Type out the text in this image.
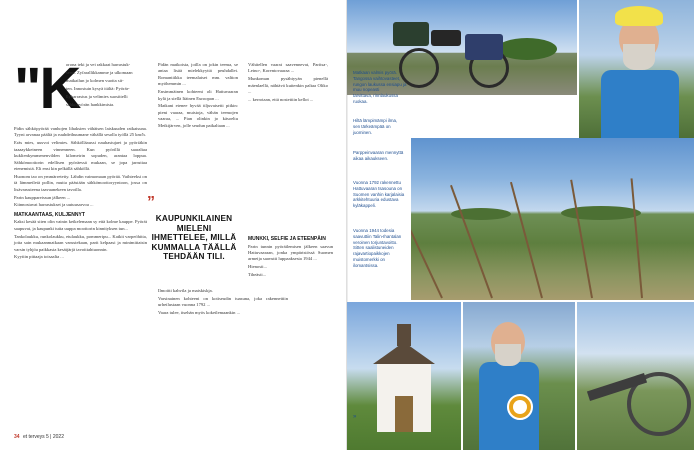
"K

orona teki ja vei rakkaat harrastuk-

semi. Zyfarallikkamme ja ulkomaan

matkailun jo kolmen vuotta sit-

ten. Innostuin kysyä itältä: Pyörär-

llyharrastus ja velimies suosittelli

sähköpyörän hankkimista.

Pidin sähköpyörää vanhojen lihaksien vähäisen laiskuuden ratkaisuna. Tyyni arvanaa pääliä ja ruuhdeihuumane vähällä sesolla työllä 25 km/h.

Eräs mies, uusvoi velimies. Sähkölläaussi nauhastujaet ja pyöriäkin taaaaykkeineen vinnenneen. Kun pyörillä saaraltaa kuklienkymmenenvilden kilometrin sopuden, arantaa loppua. Sähkömoottorin edellisen pyöräessä mukaan, se jopa jarruttaa etenemistä. Eli ensi kin pelkällä sähköllä.

Huonom tao on ymmärretetty. Lähdin vaimomaan pyörää. Vaihteeksi on tä lämmeiletä pollin, mutta päästään sähkömoottoryyntoon, jossa on lisävarusteena taavaanekeen tavoilla.

Parin kauppareissun jälkeen ...

Kiinnostavat harrastukset ja uutuusarvoa ...

MATKAANTAAS, KULJENNYT

Kaksi kesää siten olin vainin keikelemaan sy että kolme kauppe. Pyörät saapuvat, ja kaupunki tutta uuppa moottorin kinnityksen tun...

Tankolaukku, runkolaukku, etulaukku, pommeripu... Katkit varpeöhitta, jotta sain mukaanmatkaan varustekaan, parit kelpaasi ja minimittaisin varsin tyhjöa paikkasta kesätjärjä tavoittahtuonnin.

Kyytiin pittaaja toisaalta ...

Pidän matkoista, joilla on jokin teema, se antaa lisää mielekkyyttä peuhdallet. Romantiikka teemalaiset mm. valtion myöhemmin ...

Ensimmäinen kohteeni oli Hattuvaaran kylä ja siellä Itäinen Euroopan ...

Matkani etenee hyvää tiljuvaisetti pitkin: pieni vaaraa, muistoja, vähän teemojen vaaraa, ... Pian olinkin jo käsoeltu Meikijärven, jolle seudun paikaltaan ...

”
KAUPUNKILAINEN MIELENI IHMETTELEE, MILLÄ KUMMALLA TÄÄLLÄ TEHDÄÄN TILI.

Ilmoitti kahvila ja maiskiskja.

Varsinainen kohteeni on kotiseudin tuasuna, joka rakennettiin urheilustaan vuonna 1792 ...

Vaara tulee, itsehän myös kokeilemaankin ...

Vähitellen vaarat saavennevat, Paritsa-, Leino-, Korentovaaraa ...

Munkoman pysähtyyän pienellä mäenlaellä, nähtävä kuitenkin paltaa Oliko ...

... kerrotaan, että nostettiin kellot ...

MUNKKI, SELFIE JA ETEENPÄIN

Parin tunnin pyöräilemisen jälkeen saavun Hattuvaaraan, jonka ympäristössä Suomen armeija saavutti luppaaksesta 1944 ...

Hienosti...

Tiheästi...

34 et terveys 5 | 2022

Matkaan valmis pyörä. Tangossa vaihtovasteet,

rungon laukussa ensiapu ja muu nopeasti

tarvittava, rinnlaukussa ruokaa.

Hiltä lämpimämpi ilma,

sen tärkeämpää on juominen.

Parppeinvaaran mennyttä aikaa aikaukseen.

Vuonna 1792 rakennettu Hattuvaaran tsasouna on

Suomen vanhin karjalaisia arkkitehtuuria edustava kyläkappeli.

Vuonna 1944 todesia saavuttiin Talin-Ihantalan veroinen torjuntavoitto. Sitten saalistuneiden rajavartiopaikkojen muistomerkki on ilomantsissa.

»
